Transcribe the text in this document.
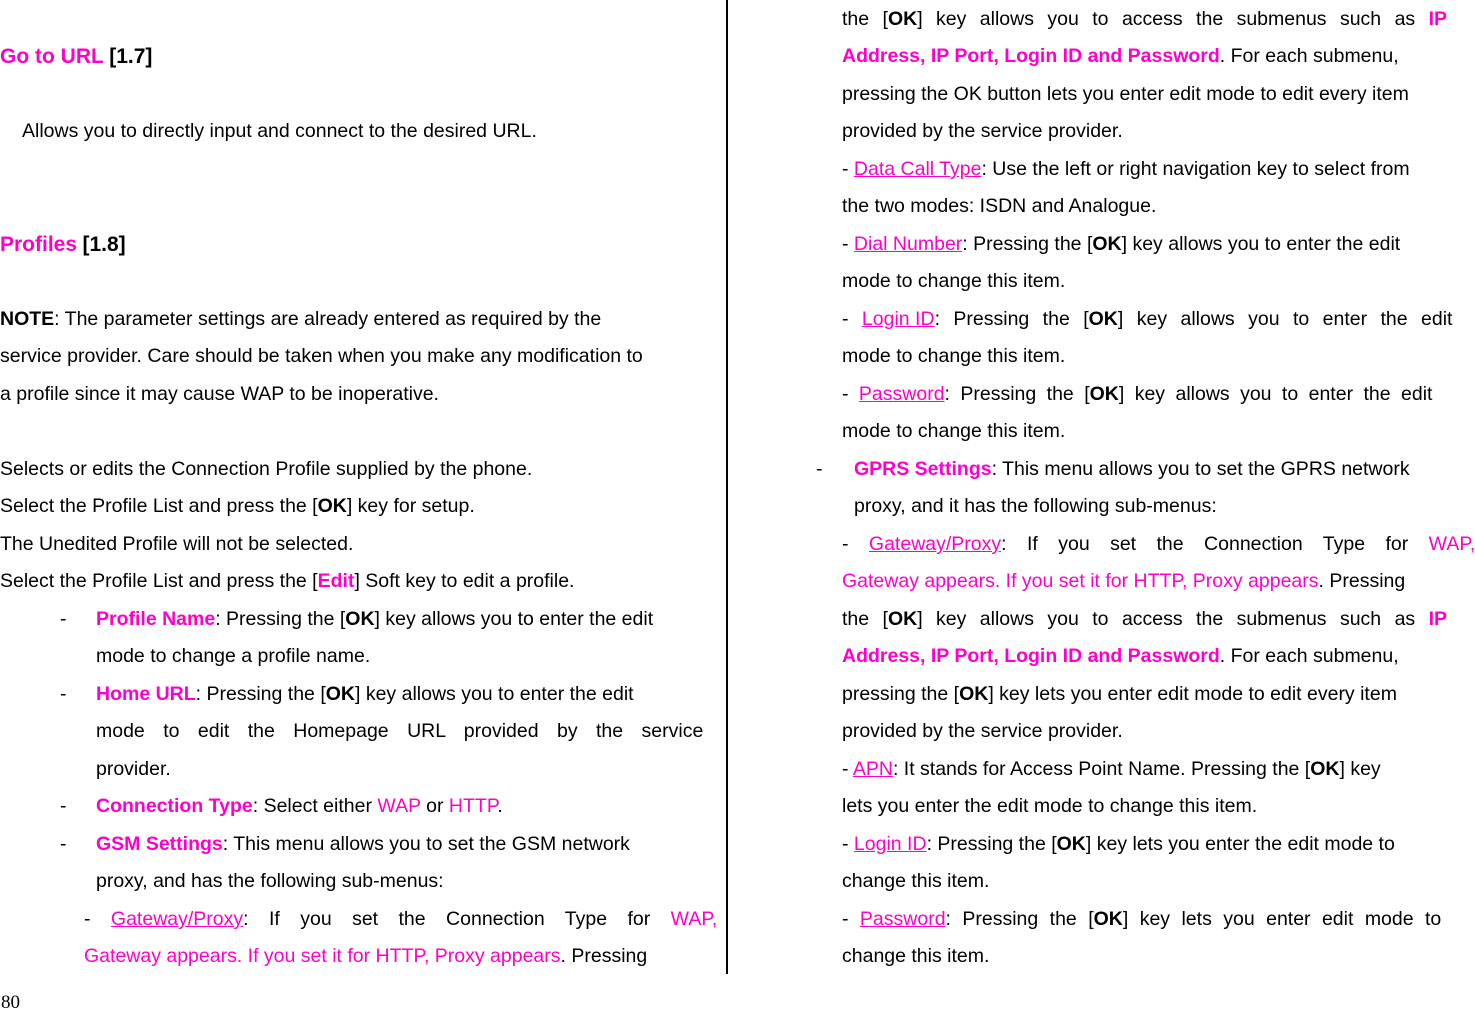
Go to URL [1.7]
Allows you to directly input and connect to the desired URL.
Profiles [1.8]
NOTE: The parameter settings are already entered as required by the
service provider. Care should be taken when you make any modification to
a profile since it may cause WAP to be inoperative.
Selects or edits the Connection Profile supplied by the phone.
Select the Profile List and press the [OK] key for setup.
The Unedited Profile will not be selected.
Select the Profile List and press the [Edit] Soft key to edit a profile.
- Profile Name: Pressing the [OK] key allows you to enter the edit
mode to change a profile name.
- Home URL: Pressing the [OK] key allows you to enter the edit
mode to edit the Homepage URL provided by the service
provider.
- Connection Type: Select either WAP or HTTP.
- GSM Settings: This menu allows you to set the GSM network
proxy, and has the following sub-menus:
- Gateway/Proxy: If you set the Connection Type for WAP,
Gateway appears. If you set it for HTTP, Proxy appears. Pressing
the [OK] key allows you to access the submenus such as IP
Address, IP Port, Login ID and Password. For each submenu,
pressing the OK button lets you enter edit mode to edit every item
provided by the service provider.
- Data Call Type: Use the left or right navigation key to select from
the two modes: ISDN and Analogue.
- Dial Number: Pressing the [OK] key allows you to enter the edit
mode to change this item.
- Login ID: Pressing the [OK] key allows you to enter the edit
mode to change this item.
- Password: Pressing the [OK] key allows you to enter the edit
mode to change this item.
- GPRS Settings: This menu allows you to set the GPRS network
proxy, and it has the following sub-menus:
- Gateway/Proxy: If you set the Connection Type for WAP,
Gateway appears. If you set it for HTTP, Proxy appears. Pressing
the [OK] key allows you to access the submenus such as IP
Address, IP Port, Login ID and Password. For each submenu,
pressing the [OK] key lets you enter edit mode to edit every item
provided by the service provider.
- APN: It stands for Access Point Name. Pressing the [OK] key
lets you enter the edit mode to change this item.
- Login ID: Pressing the [OK] key lets you enter the edit mode to
change this item.
- Password: Pressing the [OK] key lets you enter edit mode to
change this item.
80
